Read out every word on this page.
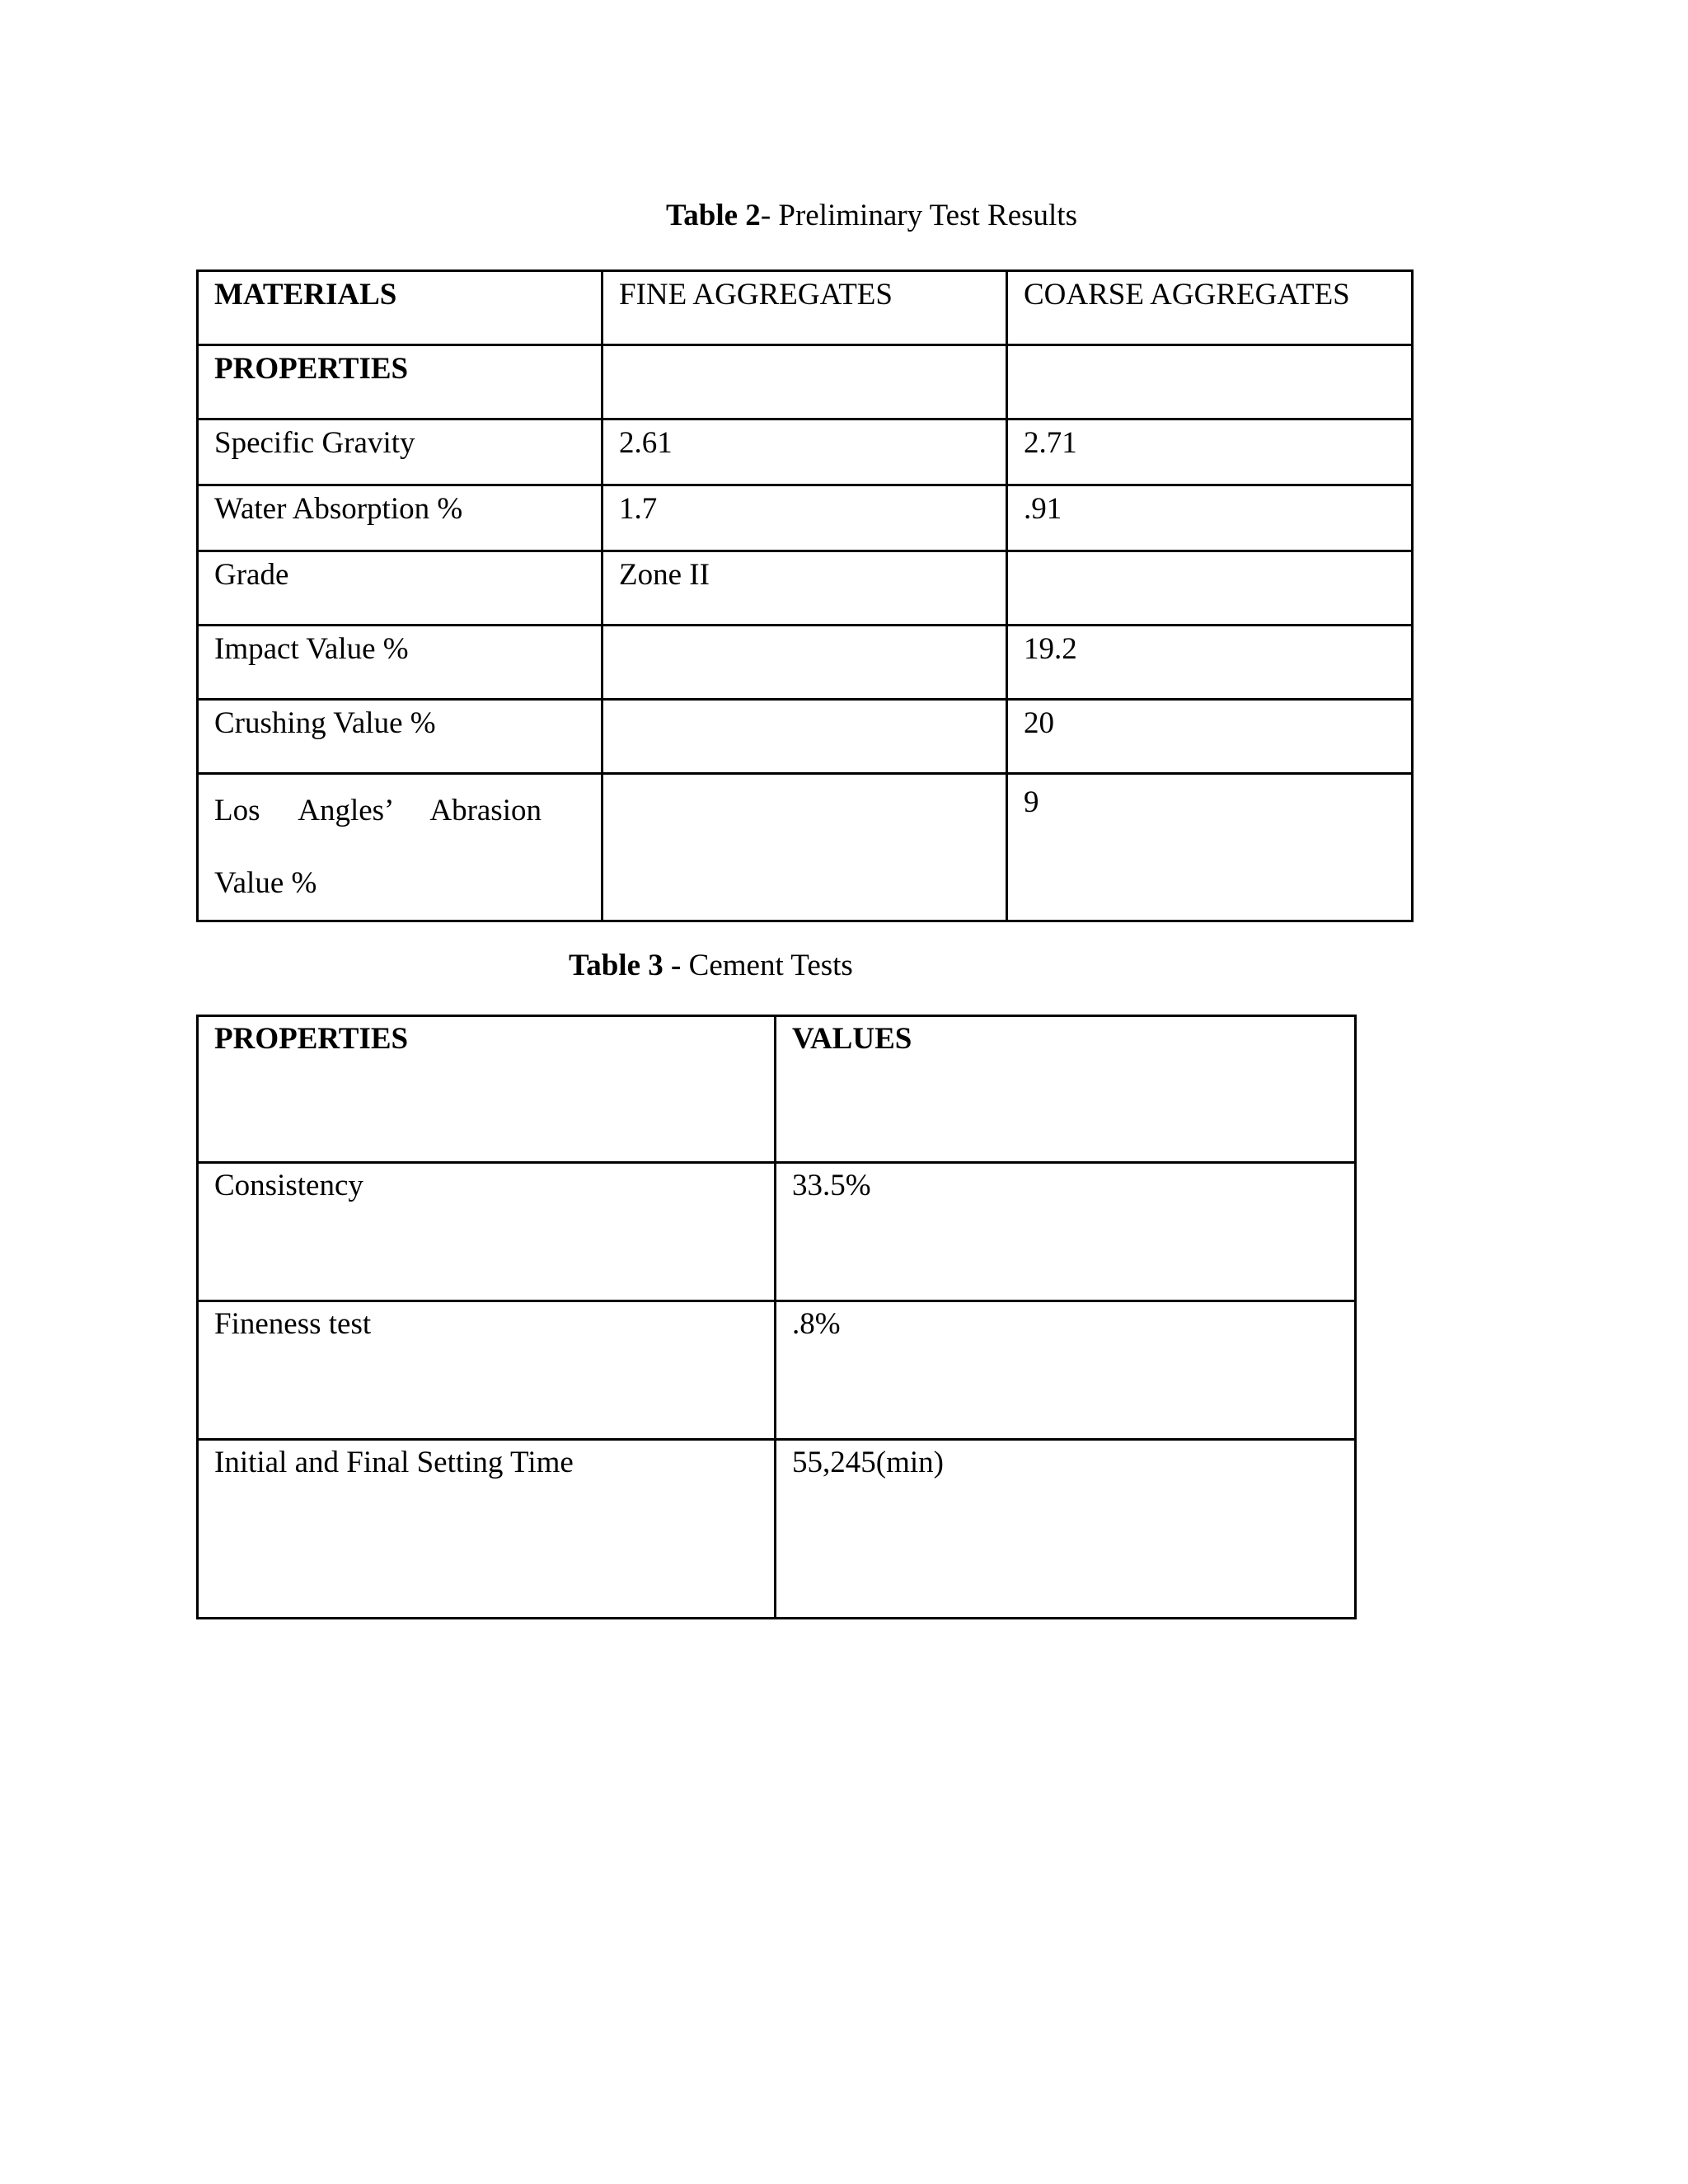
Table 2- Preliminary Test Results
MATERIALS	FINE AGGREGATES	COARSE AGGREGATES
PROPERTIES		
Specific Gravity	2.61	2.71
Water Absorption %	1.7	.91
Grade	Zone II	
Impact Value %		19.2
Crushing Value %		20

Los Angles’ Abrasion
Value %		9
Table 3 - Cement Tests
PROPERTIES	VALUES
Consistency	33.5%
Fineness test	.8%
Initial and Final Setting Time	55,245(min)
